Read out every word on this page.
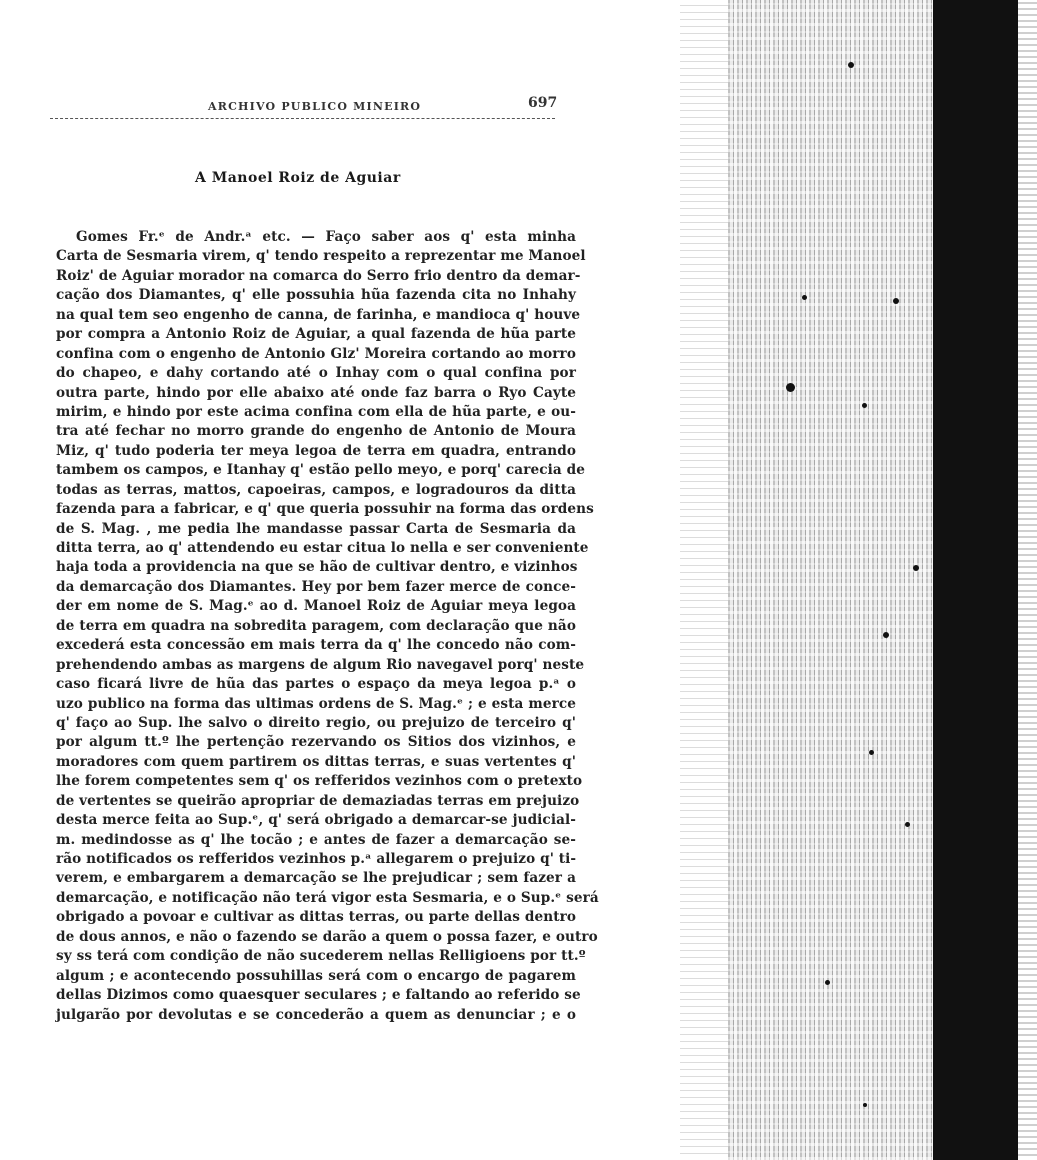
ARCHIVO PUBLICO MINEIRO	697
A Manoel Roiz de Aguiar
Gomes Fr.ᵉ de Andr.ᵃ etc. — Faço saber aos q' esta minha
Carta de Sesmaria virem, q' tendo respeito a reprezentar me Manoel
Roiz' de Aguiar morador na comarca do Serro frio dentro da demar-
cação dos Diamantes, q' elle possuhia hũa fazenda cita no Inhahy
na qual tem seo engenho de canna, de farinha, e mandioca q' houve
por compra a Antonio Roiz de Aguiar, a qual fazenda de hũa parte
confina com o engenho de Antonio Glz' Moreira cortando ao morro
do chapeo, e dahy cortando até o Inhay com o qual confina por
outra parte, hindo por elle abaixo até onde faz barra o Ryo Cayte
mirim, e hindo por este acima confina com ella de hũa parte, e ou-
tra até fechar no morro grande do engenho de Antonio de Moura
Miz, q' tudo poderia ter meya legoa de terra em quadra, entrando
tambem os campos, e Itanhay q' estão pello meyo, e porq' carecia de
todas as terras, mattos, capoeiras, campos, e logradouros da ditta
fazenda para a fabricar, e q' que queria possuhir na forma das ordens
de S. Mag. , me pedia lhe mandasse passar Carta de Sesmaria da
ditta terra, ao q' attendendo eu estar citua lo nella e ser conveniente
haja toda a providencia na que se hão de cultivar dentro, e vizinhos
da demarcação dos Diamantes. Hey por bem fazer merce de conce-
der em nome de S. Mag.ᵉ ao d. Manoel Roiz de Aguiar meya legoa
de terra em quadra na sobredita paragem, com declaração que não
excederá esta concessão em mais terra da q' lhe concedo não com-
prehendendo ambas as margens de algum Rio navegavel porq' neste
caso ficará livre de hũa das partes o espaço da meya legoa p.ᵃ o
uzo publico na forma das ultimas ordens de S. Mag.ᵉ ; e esta merce
q' faço ao Sup. lhe salvo o direito regio, ou prejuizo de terceiro q'
por algum tt.º lhe pertenção rezervando os Sitios dos vizinhos, e
moradores com quem partirem os dittas terras, e suas vertentes q'
lhe forem competentes sem q' os refferidos vezinhos com o pretexto
de vertentes se queirão apropriar de demaziadas terras em prejuizo
desta merce feita ao Sup.ᵉ, q' será obrigado a demarcar-se judicial-
m. medindosse as q' lhe tocão ; e antes de fazer a demarcação se-
rão notificados os refferidos vezinhos p.ᵃ allegarem o prejuizo q' ti-
verem, e embargarem a demarcação se lhe prejudicar ; sem fazer a
demarcação, e notificação não terá vigor esta Sesmaria, e o Sup.ᵉ será
obrigado a povoar e cultivar as dittas terras, ou parte dellas dentro
de dous annos, e não o fazendo se darão a quem o possa fazer, e outro
sy ss terá com condição de não sucederem nellas Relligioens por tt.º
algum ; e acontecendo possuhillas será com o encargo de pagarem
dellas Dizimos como quaesquer seculares ; e faltando ao referido se
julgarão por devolutas e se concederão a quem as denunciar ; e o
